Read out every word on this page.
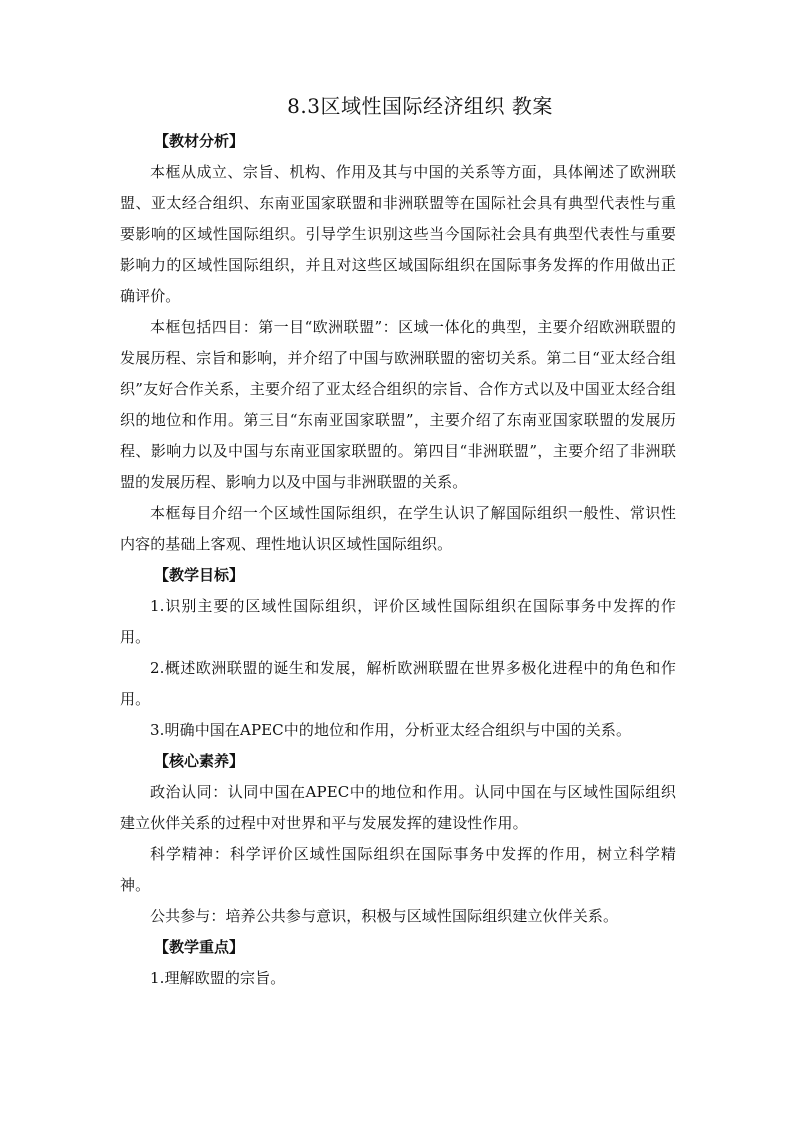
8.3区域性国际经济组织 教案

【教材分析】

本框从成立、宗旨、机构、作用及其与中国的关系等方面，具体阐述了欧洲联盟、亚太经合组织、东南亚国家联盟和非洲联盟等在国际社会具有典型代表性与重要影响的区域性国际组织。引导学生识别这些当今国际社会具有典型代表性与重要影响力的区域性国际组织，并且对这些区域国际组织在国际事务发挥的作用做出正确评价。

本框包括四目：第一目“欧洲联盟”：区域一体化的典型，主要介绍欧洲联盟的发展历程、宗旨和影响，并介绍了中国与欧洲联盟的密切关系。第二目“亚太经合组织”友好合作关系，主要介绍了亚太经合组织的宗旨、合作方式以及中国亚太经合组织的地位和作用。第三目“东南亚国家联盟”，主要介绍了东南亚国家联盟的发展历程、影响力以及中国与东南亚国家联盟的。第四目“非洲联盟”，主要介绍了非洲联盟的发展历程、影响力以及中国与非洲联盟的关系。

本框每目介绍一个区域性国际组织，在学生认识了解国际组织一般性、常识性内容的基础上客观、理性地认识区域性国际组织。

【教学目标】

1.识别主要的区域性国际组织，评价区域性国际组织在国际事务中发挥的作用。

2.概述欧洲联盟的诞生和发展，解析欧洲联盟在世界多极化进程中的角色和作用。

3.明确中国在APEC中的地位和作用，分析亚太经合组织与中国的关系。

【核心素养】

政治认同：认同中国在APEC中的地位和作用。认同中国在与区域性国际组织建立伙伴关系的过程中对世界和平与发展发挥的建设性作用。

科学精神：科学评价区域性国际组织在国际事务中发挥的作用，树立科学精神。

公共参与：培养公共参与意识，积极与区域性国际组织建立伙伴关系。

【教学重点】

1.理解欧盟的宗旨。
